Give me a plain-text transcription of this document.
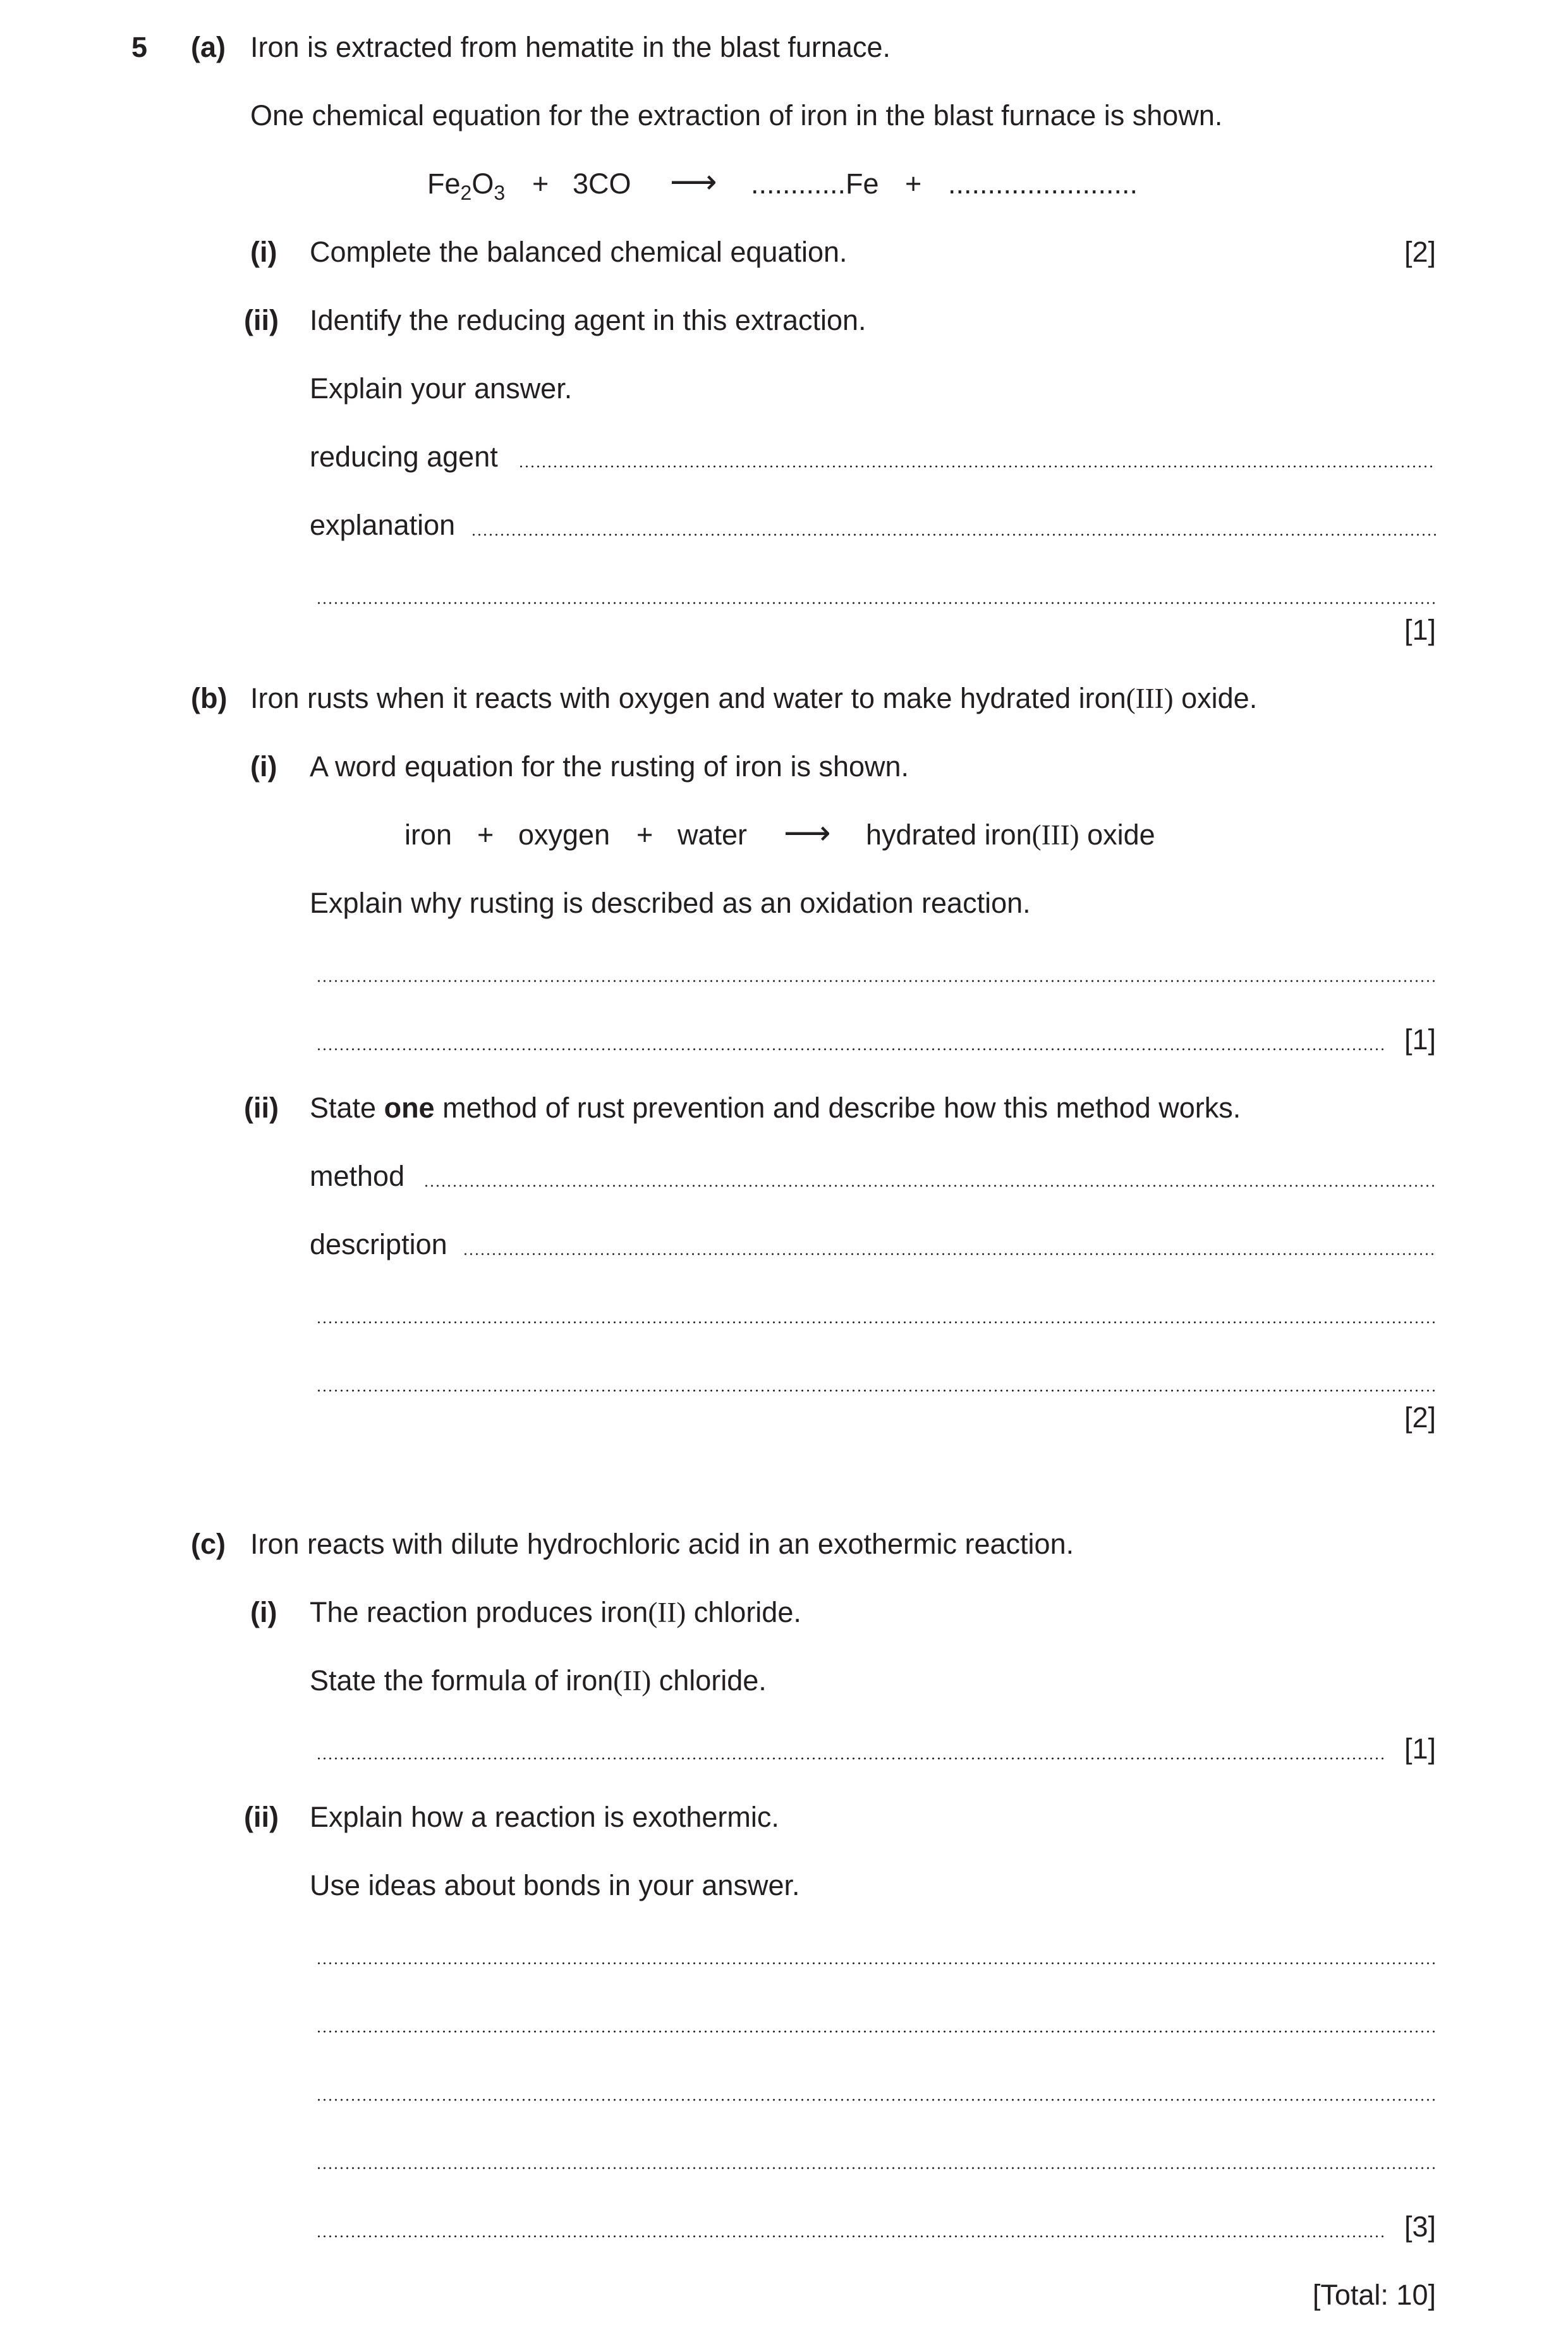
5 (a) Iron is extracted from hematite in the blast furnace.
One chemical equation for the extraction of iron in the blast furnace is shown.
$Fe_2O_3 + 3CO$ ⟶ ............Fe + ........................
(i) Complete the balanced chemical equation.	[2]
(ii) Identify the reducing agent in this extraction.
Explain your answer.
reducing agent
explanation
[1]
(b) Iron rusts when it reacts with oxygen and water to make hydrated iron(III) oxide.
(i) A word equation for the rusting of iron is shown.
iron + oxygen + water ⟶ hydrated iron(III) oxide
Explain why rusting is described as an oxidation reaction.
[1]
(ii) State one method of rust prevention and describe how this method works.
method
description
[2]
(c) Iron reacts with dilute hydrochloric acid in an exothermic reaction.
(i) The reaction produces iron(II) chloride.
State the formula of iron(II) chloride.
[1]
(ii) Explain how a reaction is exothermic.
Use ideas about bonds in your answer.
[3]
[Total: 10]
